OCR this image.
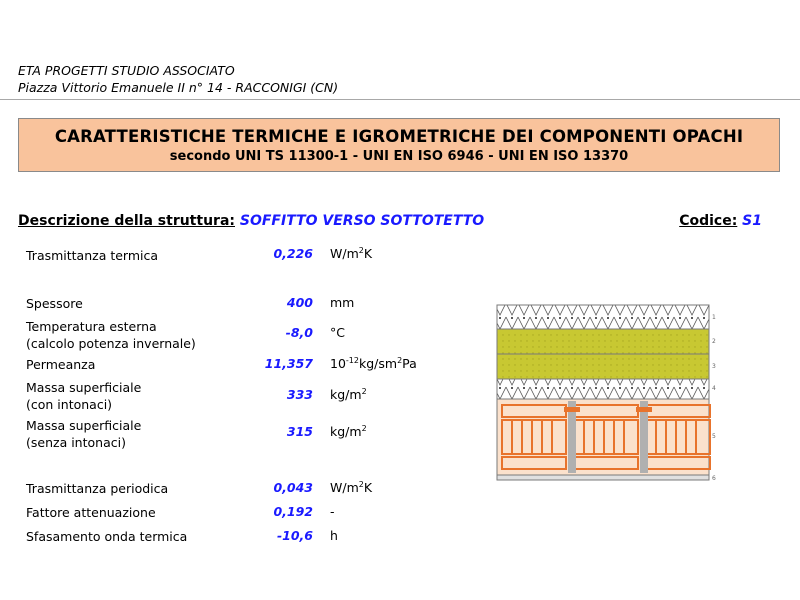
ETA PROGETTI STUDIO ASSOCIATO
Piazza Vittorio Emanuele II n° 14 - RACCONIGI (CN)
CARATTERISTICHE TERMICHE E IGROMETRICHE DEI COMPONENTI OPACHI
secondo UNI TS 11300-1 - UNI EN ISO 6946 - UNI EN ISO 13370
Descrizione della struttura: SOFFITTO VERSO SOTTOTETTO	Codice: S1
Trasmittanza termica	0,226 $W/m^2K$
Spessore	400 mm
Temperatura esterna
(calcolo potenza invernale)
-8,0 °C
Permeanza	11,357 $10^{-12}kg/sm^2Pa$
Massa superficiale
(con intonaci)
333 $kg/m^2$
Massa superficiale
(senza intonaci)
315 $kg/m^2$
Trasmittanza periodica	0,043 $W/m^2K$
Fattore attenuazione	0,192 -
Sfasamento onda termica	-10,6 h
1
2
3
4
5
6
